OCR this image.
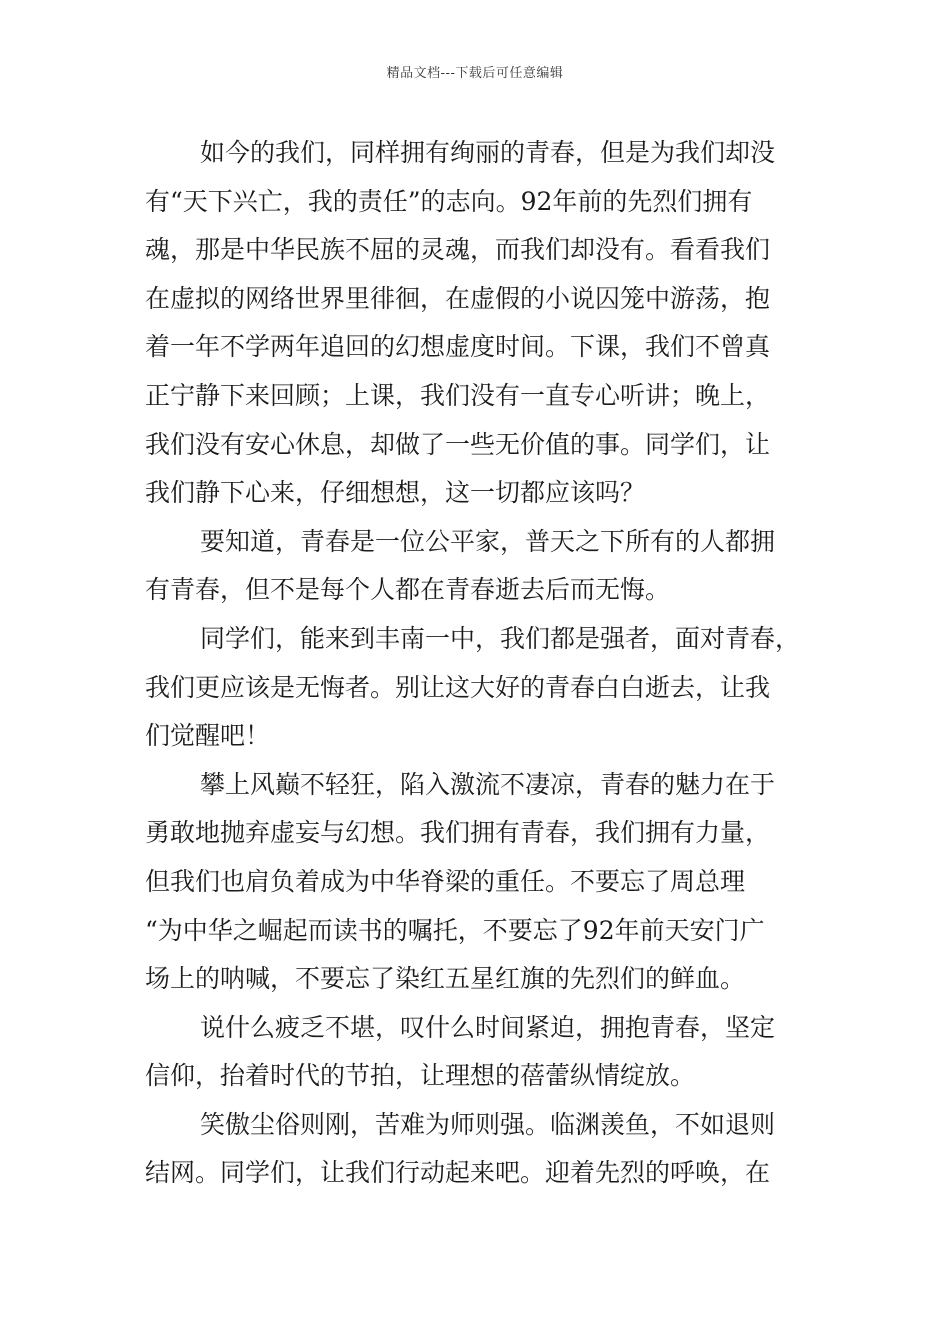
精品文档---下载后可任意编辑
如今的我们，同样拥有绚丽的青春，但是为我们却没
有“天下兴亡，我的责任”的志向。92年前的先烈们拥有
魂，那是中华民族不屈的灵魂，而我们却没有。看看我们
在虚拟的网络世界里徘徊，在虚假的小说囚笼中游荡，抱
着一年不学两年追回的幻想虚度时间。下课，我们不曾真
正宁静下来回顾；上课，我们没有一直专心听讲；晚上，
我们没有安心休息，却做了一些无价值的事。同学们，让
我们静下心来，仔细想想，这一切都应该吗？
要知道，青春是一位公平家，普天之下所有的人都拥
有青春，但不是每个人都在青春逝去后而无悔。
同学们，能来到丰南一中，我们都是强者，面对青春，
我们更应该是无悔者。别让这大好的青春白白逝去，让我
们觉醒吧！
攀上风巅不轻狂，陷入激流不凄凉，青春的魅力在于
勇敢地抛弃虚妄与幻想。我们拥有青春，我们拥有力量，
但我们也肩负着成为中华脊梁的重任。不要忘了周总理
“为中华之崛起而读书的嘱托，不要忘了92年前天安门广
场上的呐喊，不要忘了染红五星红旗的先烈们的鲜血。
说什么疲乏不堪，叹什么时间紧迫，拥抱青春，坚定
信仰，抬着时代的节拍，让理想的蓓蕾纵情绽放。
笑傲尘俗则刚，苦难为师则强。临渊羡鱼，不如退则
结网。同学们，让我们行动起来吧。迎着先烈的呼唤，在
